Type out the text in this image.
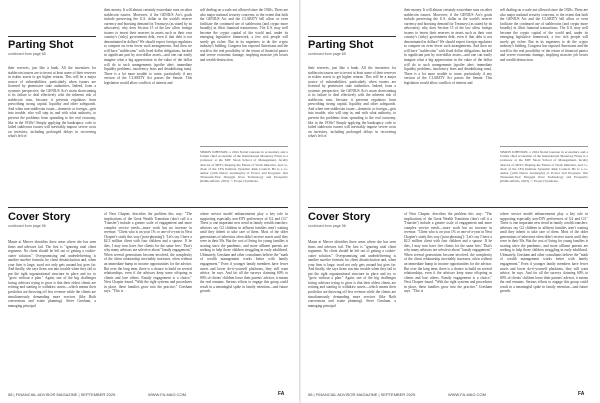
Parting Shot
continued from page 65

their reserves, just like a bank. All the incentives for stablecoin issuers are to invest at least some of their reserves in riskier assets to get higher returns. This will be a major source of vulnerabilities, particularly when issuers are licensed by permissive state authorities. Indeed, from a systemic perspective, the GENIUS Act's main shortcoming is its failure to deal effectively with the inherent risk of stablecoin runs, because it prevents regulators from prescribing strong capital, liquidity and other safeguards. And when non-stablecoin issuer—domestic or foreign—gets into trouble, who will step in, and with what authority, to prevent the problems from spreading to the real economy, like in the 1930s? Simply applying the bankruptcy code to failed stablecoin issuers will inevitably impose severe costs on investors, including prolonged delays in recovering what's left of

their money. It will almost certainly exacerbate runs on other stablecoin issuers. Moreover, if the GENIUS Act's goals include preserving the U.S. dollar as the world's reserve currency and boosting demand for Treasurys (as stated by its advocates), why does Section 15 of the law allow foreign issuers to invest their reserves in assets such as their own country's (risky) government debt, even if that debt is not denominated in dollars? We should expect foreign regulators to compete on even fewer such arrangements. And then we will have "stablecoins" with fixed dollar obligations, backed in significant part by non-dollar assets—and one can easily imagine what a big appreciation in the value of the dollar will do to such arrangements (spoiler alert: immediate liquidity problems, insolvency fears and destabilizing runs). There is a lot more trouble to come, particularly if any version of the CLARITY Act passes the Senate. This legislation would allow conflicts of interest and

self dealing on a scale not allowed since the 1920s. There are also major national security concerns, to the extent that both the GENIUS Act and the CLARITY bill allow or even facilitate the continued use of stablecoins (and crypto more broadly) in illicit financial transactions. The U.S. may well become the crypto capital of the world and, under its emerging legislative framework, a few rich people will surely get richer. But in its eagerness to do the crypto industry's bidding, Congress has exposed Americans and the world to the real possibility of the return of financial panics and severe economic damage, implying massive job losses and wealth destruction.

SIMON JOHNSON, a 2024 Nobel laureate in economics and a former chief economist of the International Monetary Fund, is a professor at the MIT Sloan School of Management, faculty director of MIT's Shaping the Future of Work Initiative, and co-chair of the CFA Institute Systemic Risk Council. He is a co-author (with Daron Acemoglu) of Power and Progress: Our Thousand-Year Struggle Over Technology and Prosperity (PublicAffairs, 2023). © Project Syndicate.
Cover Story
continued from page 56

Maute at Mercer identifies three areas where she has seen firms and advisors fail. The first is "ignoring total client segments. No client should be left out of getting a cookie-cutter solution." Overpromising and underdelivering is another surefire formula for client dissatisfaction and, when your firm is large, word not only gets around but goes far. And finally, she says firms run into trouble when they fail to put the right organizational structure in place and try to "grow without a plan." Again, one of the big challenges facing advisors trying to grow is that their oldest clients are retiring and starting to withdraw assets—which means their portfolios are throwing off less revenue while the clients are simultaneously demanding more services (like Roth conversions and estate planning). Steve Gresham, a managing principal

of Next Chapter, describes the problem this way: "The implications of the Great Wealth Transition (don't call it a 'Transfer') include a greater scale of engagement and more complex service needs—more work but no increase in revenue. "Client who is on your 1% or one-of-a-year in Next Chapter's study this way ('para-phrasing'): 'Let's say I have a $2.5 million client with four children and a spouse. If he dies, I may now have five clients for the same fees.' That's why many advisors are selective about "family engagement." When several generations become involved, the complexity of the client relationship inevitably increases, often without an immediate bump in income opportunities for the advisor. But over the long term, there is a chance to build on several relationships, even if the advisors keep some offspring as clients and lose others. Family engagement is a choice," Next Chapter found. "With the right systems and procedures in place, these families grow into the practice," Gresham says. "This is

where service model enhancements play a key role in supporting especially non-DIY preferences of G2 and G3." There is one important new trend in family wealth transfers: advisors say G2 children in affluent families aren't waiting until they inherit to take care of them. Most of the older generations of inheritors often didn't receive assets until they were in their 50s. But the cost of living for young families is soaring since the pandemic, and more affluent parents are seeking to help those children struggling in early adulthood. Ultimately, Gresham and other consultants believe the "math of wealth management works better with family engagement." Even if younger family members have fewer assets and lower do-it-yourself platforms, they still want advice, he says. And for all the surveys claiming 60% to 80% of clients' children leave their parents' advisor, it means the real remains. Serious efforts to engage this group could result in a meaningful spike in family retention—and future growth.

58 | FINANCIAL ADVISOR MAGAZINE | SEPTEMBER 2025	WWW.FA-MAG.COM	FA
Parting Shot
continued from page 65

their reserves, just like a bank. All the incentives for stablecoin issuers are to invest at least some of their reserves in riskier assets to get higher returns. This will be a major source of vulnerabilities, particularly when issuers are licensed by permissive state authorities. Indeed, from a systemic perspective, the GENIUS Act's main shortcoming is its failure to deal effectively with the inherent risk of stablecoin runs, because it prevents regulators from prescribing strong capital, liquidity and other safeguards. And when non-stablecoin issuer—domestic or foreign—gets into trouble, who will step in, and with what authority, to prevent the problems from spreading to the real economy, like in the 1930s? Simply applying the bankruptcy code to failed stablecoin issuers will inevitably impose severe costs on investors, including prolonged delays in recovering what's left of

their money. It will almost certainly exacerbate runs on other stablecoin issuers. Moreover, if the GENIUS Act's goals include preserving the U.S. dollar as the world's reserve currency and boosting demand for Treasurys (as stated by its advocates), why does Section 15 of the law allow foreign issuers to invest their reserves in assets such as their own country's (risky) government debt, even if that debt is not denominated in dollars? We should expect foreign regulators to compete on even fewer such arrangements. And then we will have "stablecoins" with fixed dollar obligations, backed in significant part by non-dollar assets—and one can easily imagine what a big appreciation in the value of the dollar will do to such arrangements (spoiler alert: immediate liquidity problems, insolvency fears and destabilizing runs). There is a lot more trouble to come, particularly if any version of the CLARITY Act passes the Senate. This legislation would allow conflicts of interest and

self dealing on a scale not allowed since the 1920s. There are also major national security concerns, to the extent that both the GENIUS Act and the CLARITY bill allow or even facilitate the continued use of stablecoins (and crypto more broadly) in illicit financial transactions. The U.S. may well become the crypto capital of the world and, under its emerging legislative framework, a few rich people will surely get richer. But in its eagerness to do the crypto industry's bidding, Congress has exposed Americans and the world to the real possibility of the return of financial panics and severe economic damage, implying massive job losses and wealth destruction.

SIMON JOHNSON, a 2024 Nobel laureate in economics and a former chief economist of the International Monetary Fund, is a professor at the MIT Sloan School of Management, faculty director of MIT's Shaping the Future of Work Initiative, and co-chair of the CFA Institute Systemic Risk Council. He is a co-author (with Daron Acemoglu) of Power and Progress: Our Thousand-Year Struggle Over Technology and Prosperity (PublicAffairs, 2023). © Project Syndicate.
Cover Story
continued from page 56

Maute at Mercer identifies three areas where she has seen firms and advisors fail. The first is "ignoring total client segments. No client should be left out of getting a cookie-cutter solution." Overpromising and underdelivering is another surefire formula for client dissatisfaction and, when your firm is large, word not only gets around but goes far. And finally, she says firms run into trouble when they fail to put the right organizational structure in place and try to "grow without a plan." Again, one of the big challenges facing advisors trying to grow is that their oldest clients are retiring and starting to withdraw assets—which means their portfolios are throwing off less revenue while the clients are simultaneously demanding more services (like Roth conversions and estate planning). Steve Gresham, a managing principal

of Next Chapter, describes the problem this way: "The implications of the Great Wealth Transition (don't call it a 'Transfer') include a greater scale of engagement and more complex service needs—more work but no increase in revenue. "Client who is on your 1% or one-of-a-year in Next Chapter's study this way ('para-phrasing'): 'Let's say I have a $2.5 million client with four children and a spouse. If he dies, I may now have five clients for the same fees.' That's why many advisors are selective about "family engagement." When several generations become involved, the complexity of the client relationship inevitably increases, often without an immediate bump in income opportunities for the advisor. But over the long term, there is a chance to build on several relationships, even if the advisors keep some offspring as clients and lose others. Family engagement is a choice," Next Chapter found. "With the right systems and procedures in place, these families grow into the practice," Gresham says. "This is

where service model enhancements play a key role in supporting especially non-DIY preferences of G2 and G3." There is one important new trend in family wealth transfers: advisors say G2 children in affluent families aren't waiting until they inherit to take care of them. Most of the older generations of inheritors often didn't receive assets until they were in their 50s. But the cost of living for young families is soaring since the pandemic, and more affluent parents are seeking to help those children struggling in early adulthood. Ultimately, Gresham and other consultants believe the "math of wealth management works better with family engagement." Even if younger family members have fewer assets and lower do-it-yourself platforms, they still want advice, he says. And for all the surveys claiming 60% to 80% of clients' children leave their parents' advisor, it means the real remains. Serious efforts to engage this group could result in a meaningful spike in family retention—and future growth.

58 | FINANCIAL ADVISOR MAGAZINE | SEPTEMBER 2025	WWW.FA-MAG.COM	FA
